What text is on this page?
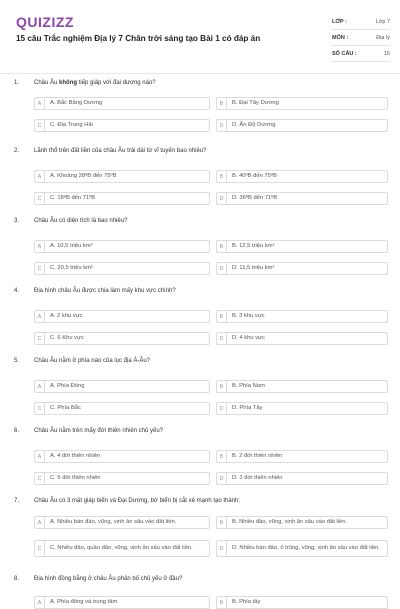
QUIZIZZ
15 câu Trắc nghiệm Địa lý 7 Chân trời sáng tạo Bài 1 có đáp án
LỚP :	Lớp 7
MÔN :	Địa lý
SỐ CÂU :	15
1.	Châu Âu không tiếp giáp với đại dương nào?
A	A. Bắc Băng Dương	B	B. Đại Tây Dương
C	C. Địa Trung Hải	D	D. Ấn Độ Dương
2.	Lãnh thổ trên đất liền của châu Âu trải dài từ vĩ tuyến bao nhiêu?
A	A. Khoảng 28ºB đến 75ºB	B	B. 40ºB đến 75ºB
C	C. 18ºB đến 71ºB	D	D. 36ºB đến 71ºB
3.	Châu Âu có diện tích là bao nhiêu?
A	A. 10,5 triệu km²	B	B. 12,5 triệu km²
C	C. 20,5 triệu km²	D	D. 11,5 triệu km²
4.	Địa hình châu Âu được chia làm mấy khu vực chính?
A	A. 2 khu vực	B	B. 3 khu vực
C	C. 6 Khu vực	D	D. 4 khu vực
5.	Châu Âu nằm ở phía nào của lục địa Á-Âu?
A	A. Phía Đông	B	B. Phía Nam
C	C. Phía Bắc	D	D. Phía Tây
6.	Châu Âu nằm trên mấy đới thiên nhiên chủ yếu?
A	A. 4 đới thiên nhiên	B	B. 2 đới thiên nhiên
C	C. 5 đới thiên nhiên	D	D. 3 đới thiên nhiên
7.	Châu Âu có 3 mặt giáp biển và Đại Dương, bờ biển bị cắt xẻ mạnh tạo thành:
A	A. Nhiều bán đảo, vũng, vịnh ăn sâu vào đất liền.	B	B. Nhiều đảo, vũng, vịnh ăn sâu vào đất liền.
C	C. Nhiều đảo, quần đảo, vũng, vịnh ăn sâu vào đất liền.	D	D. Nhiều bán đảo, ô trũng, vũng, vịnh ăn sâu vào đất liền.
8.	Địa hình đồng bằng ở châu Âu phân bố chủ yếu ở đâu?
A	A. Phía đông và trung tâm	B	B. Phía tây
